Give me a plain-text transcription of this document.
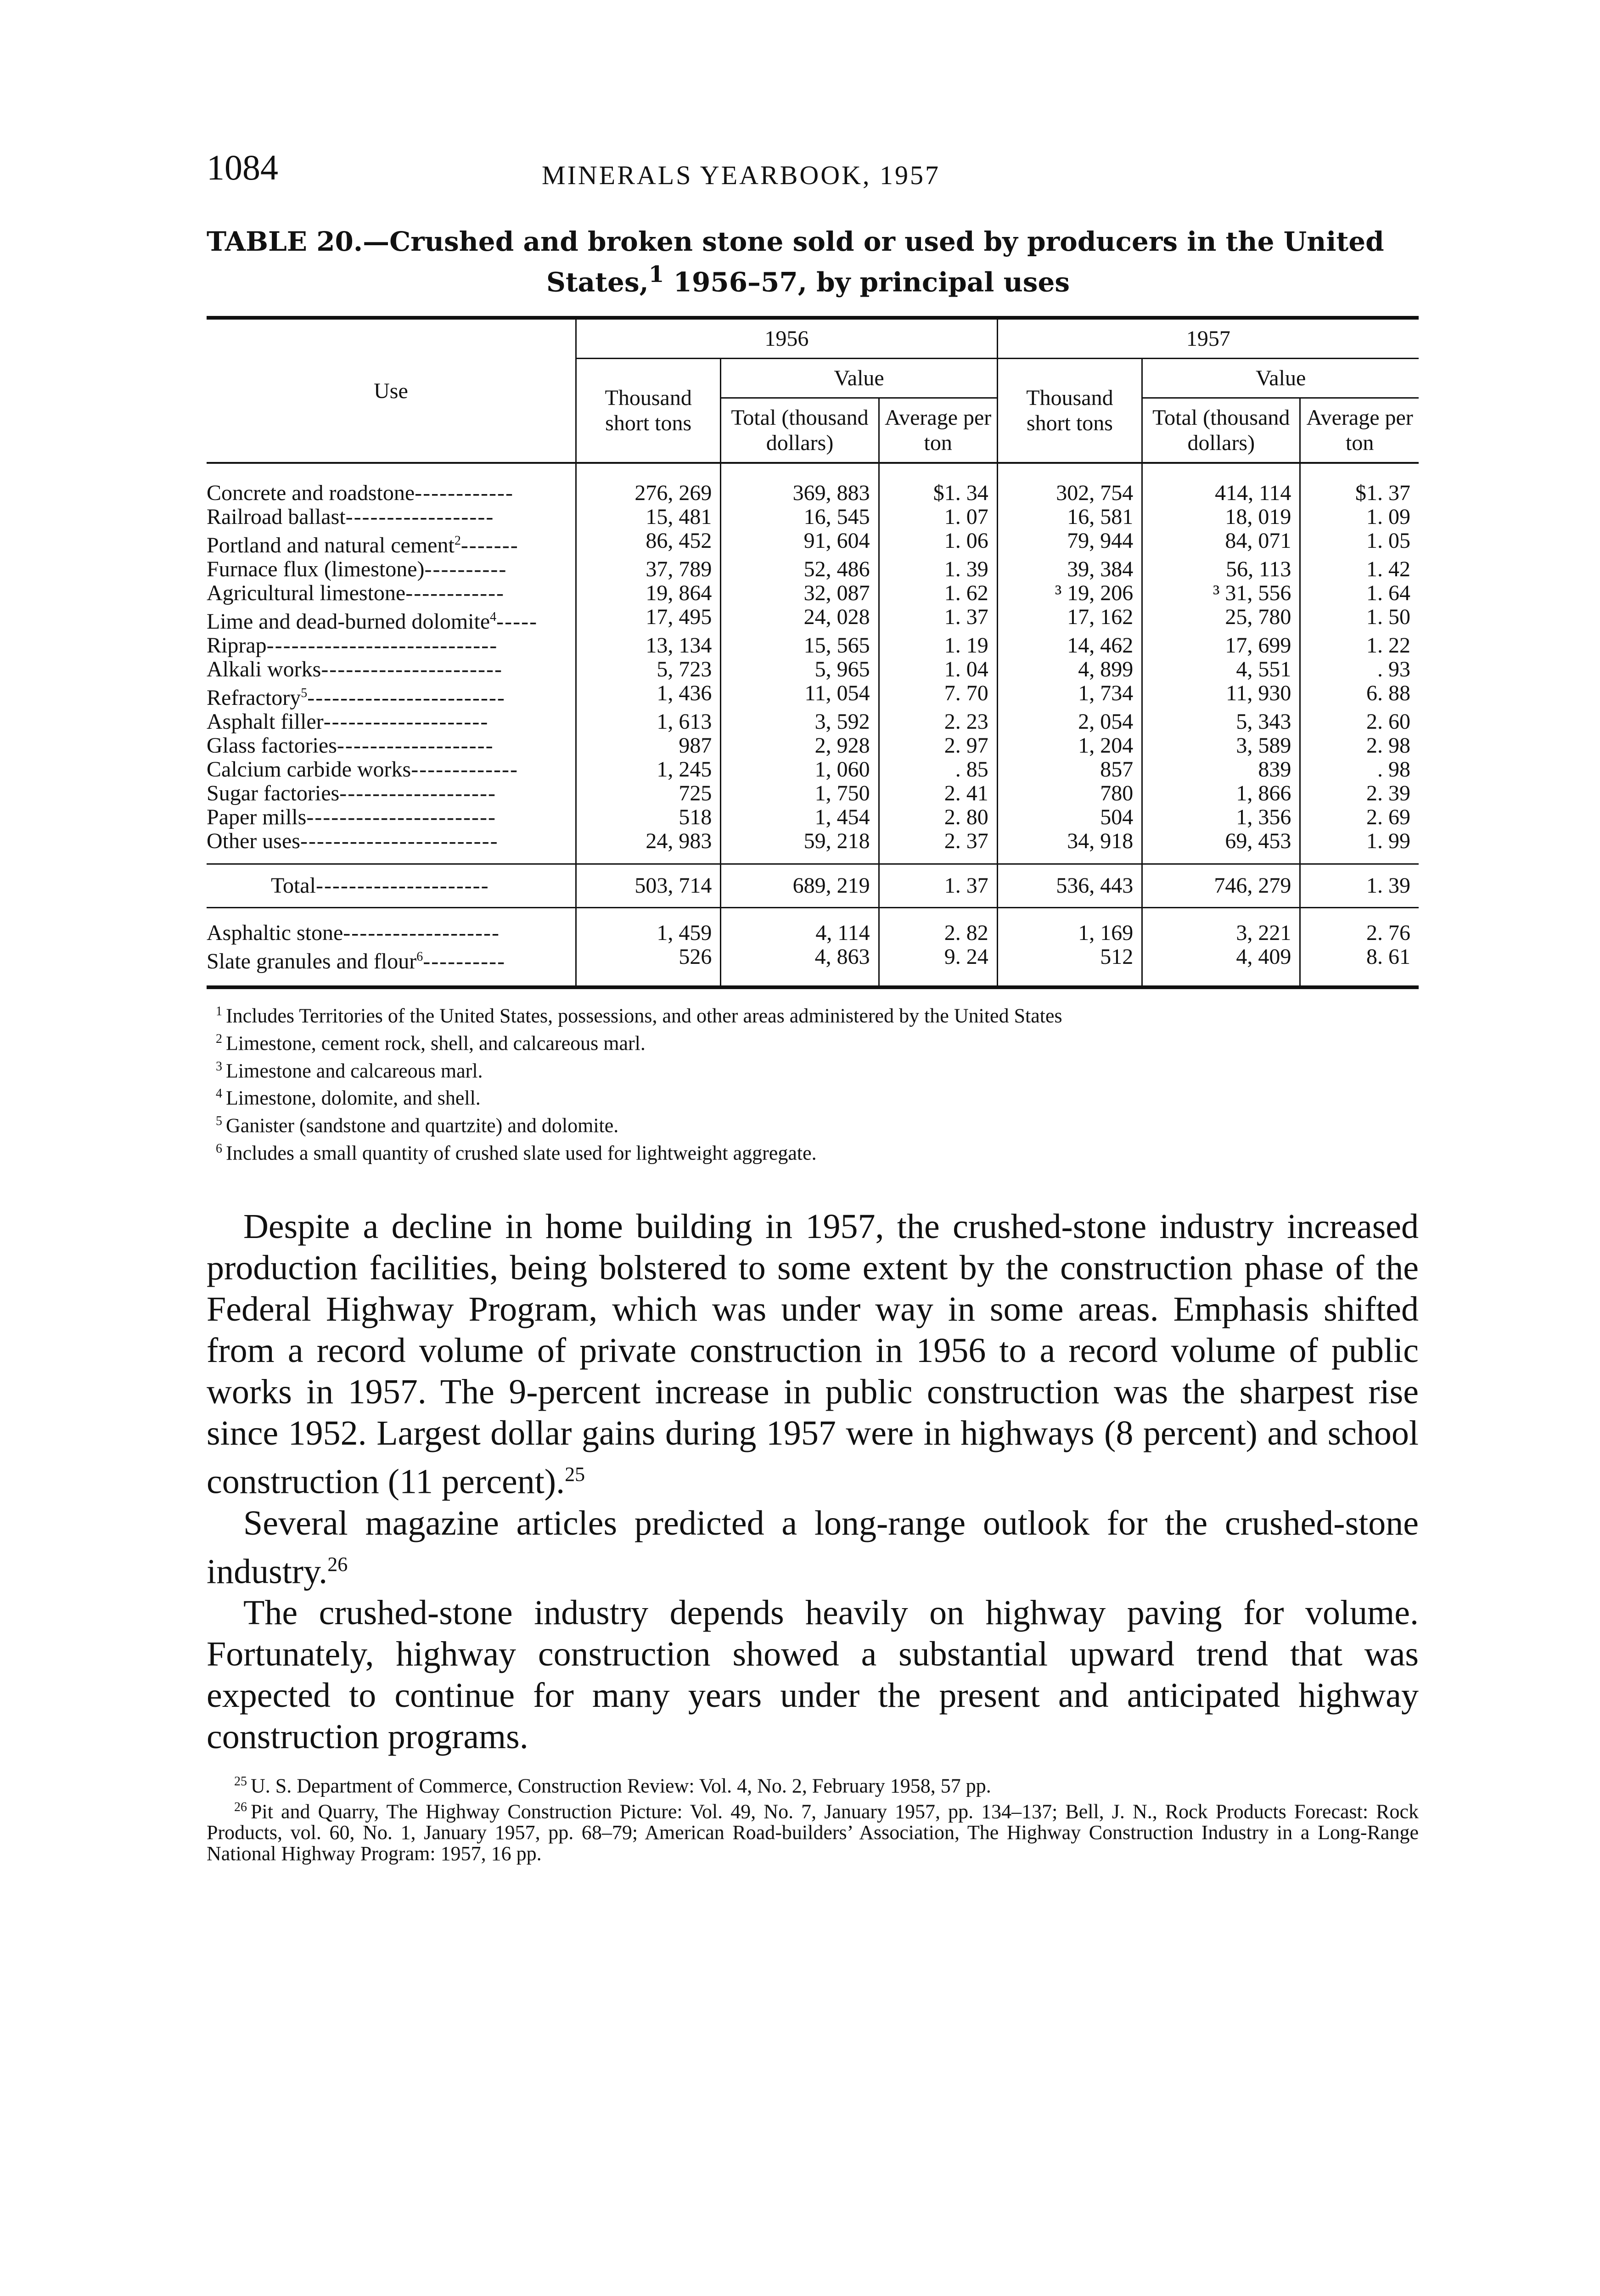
1084	MINERALS YEARBOOK, 1957
TABLE 20.—Crushed and broken stone sold or used by producers in the United
States,$^1$ 1956–57, by principal uses
Use	1956			1957		
	Thousand short tons	Value		Thousand short tons	Value	
		Total (thousand dollars)	Average per ton		Total (thousand dollars)	Average per ton
Concrete and roadstone------------	276, 269	369, 883	$1. 34	302, 754	414, 114	$1. 37
Railroad ballast------------------	15, 481	16, 545	1. 07	16, 581	18, 019	1. 09
Portland and natural cement$^2$-------	86, 452	91, 604	1. 06	79, 944	84, 071	1. 05
Furnace flux (limestone)----------	37, 789	52, 486	1. 39	39, 384	56, 113	1. 42
Agricultural limestone------------	19, 864	32, 087	1. 62	³ 19, 206	³ 31, 556	1. 64
Lime and dead-burned dolomite$^4$-----	17, 495	24, 028	1. 37	17, 162	25, 780	1. 50
Riprap----------------------------	13, 134	15, 565	1. 19	14, 462	17, 699	1. 22
Alkali works----------------------	5, 723	5, 965	1. 04	4, 899	4, 551	. 93
Refractory$^5$------------------------	1, 436	11, 054	7. 70	1, 734	11, 930	6. 88
Asphalt filler--------------------	1, 613	3, 592	2. 23	2, 054	5, 343	2. 60
Glass factories-------------------	987	2, 928	2. 97	1, 204	3, 589	2. 98
Calcium carbide works-------------	1, 245	1, 060	. 85	857	839	. 98
Sugar factories-------------------	725	1, 750	2. 41	780	1, 866	2. 39
Paper mills-----------------------	518	1, 454	2. 80	504	1, 356	2. 69
Other uses------------------------	24, 983	59, 218	2. 37	34, 918	69, 453	1. 99
Total---------------------	503, 714	689, 219	1. 37	536, 443	746, 279	1. 39
Asphaltic stone-------------------	1, 459	4, 114	2. 82	1, 169	3, 221	2. 76
Slate granules and flour$^6$----------	526	4, 863	9. 24	512	4, 409	8. 61
$^1$ Includes Territories of the United States, possessions, and other areas administered by the United States
$^2$ Limestone, cement rock, shell, and calcareous marl.
$^3$ Limestone and calcareous marl.
$^4$ Limestone, dolomite, and shell.
$^5$ Ganister (sandstone and quartzite) and dolomite.
$^6$ Includes a small quantity of crushed slate used for lightweight aggregate.

Despite a decline in home building in 1957, the crushed-stone industry increased production facilities, being bolstered to some extent by the construction phase of the Federal Highway Program, which was under way in some areas. Emphasis shifted from a record volume of private construction in 1956 to a record volume of public works in 1957. The 9-percent increase in public construction was the sharpest rise since 1952. Largest dollar gains during 1957 were in highways (8 percent) and school construction (11 percent).$^{25}$

Several magazine articles predicted a long-range outlook for the crushed-stone industry.$^{26}$

The crushed-stone industry depends heavily on highway paving for volume. Fortunately, highway construction showed a substantial upward trend that was expected to continue for many years under the present and anticipated highway construction programs.

$^{25}$ U. S. Department of Commerce, Construction Review: Vol. 4, No. 2, February 1958, 57 pp.

$^{26}$ Pit and Quarry, The Highway Construction Picture: Vol. 49, No. 7, January 1957, pp. 134–137; Bell, J. N., Rock Products Forecast: Rock Products, vol. 60, No. 1, January 1957, pp. 68–79; American Road-builders’ Association, The Highway Construction Industry in a Long-Range National Highway Program: 1957, 16 pp.
